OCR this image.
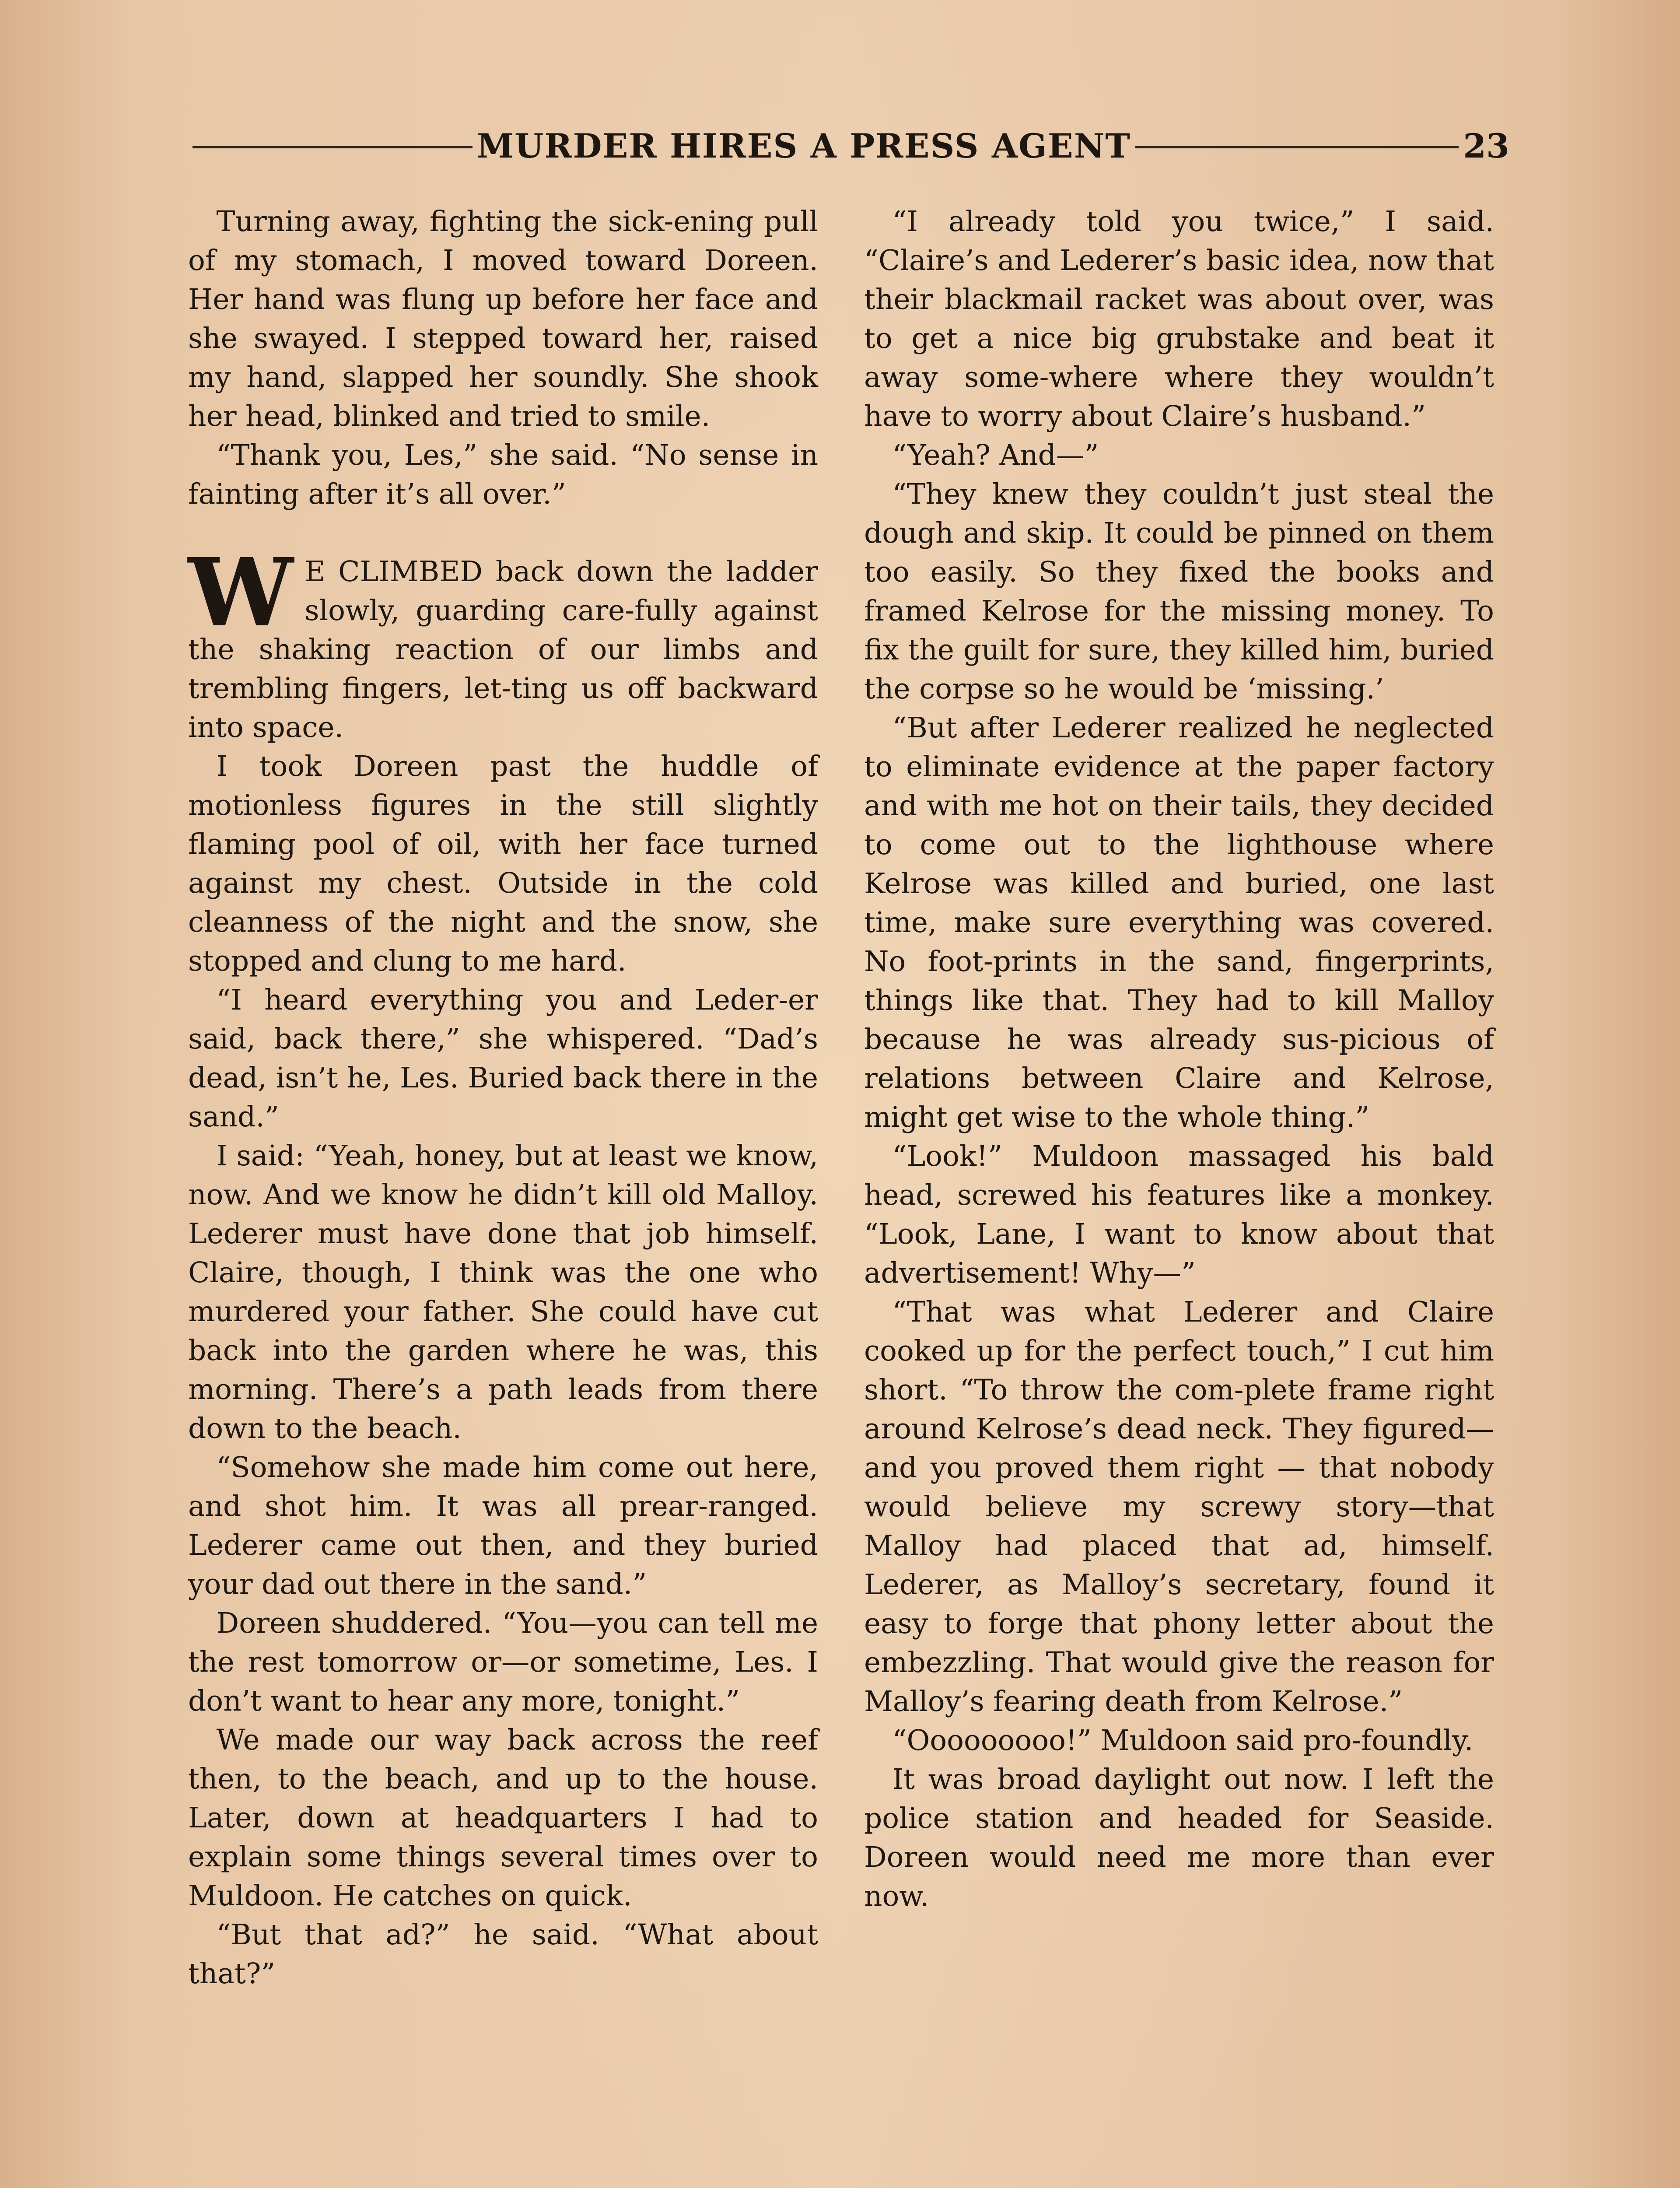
MURDER HIRES A PRESS AGENT	23

Turning away, fighting the sick-ening pull of my stomach, I moved toward Doreen. Her hand was flung up before her face and she swayed. I stepped toward her, raised my hand, slapped her soundly. She shook her head, blinked and tried to smile.

“Thank you, Les,” she said. “No sense in fainting after it’s all over.”

W E CLIMBED back down the ladder slowly, guarding care-fully against the shaking reaction of our limbs and trembling fingers, let-ting us off backward into space.

I took Doreen past the huddle of motionless figures in the still slightly flaming pool of oil, with her face turned against my chest. Outside in the cold cleanness of the night and the snow, she stopped and clung to me hard.

“I heard everything you and Leder-er said, back there,” she whispered. “Dad’s dead, isn’t he, Les. Buried back there in the sand.”

I said: “Yeah, honey, but at least we know, now. And we know he didn’t kill old Malloy. Lederer must have done that job himself. Claire, though, I think was the one who murdered your father. She could have cut back into the garden where he was, this morning. There’s a path leads from there down to the beach.

“Somehow she made him come out here, and shot him. It was all prear-ranged. Lederer came out then, and they buried your dad out there in the sand.”

Doreen shuddered. “You—you can tell me the rest tomorrow or—or sometime, Les. I don’t want to hear any more, tonight.”

We made our way back across the reef then, to the beach, and up to the house. Later, down at headquarters I had to explain some things several times over to Muldoon. He catches on quick.

“But that ad?” he said. “What about that?”

“I already told you twice,” I said. “Claire’s and Lederer’s basic idea, now that their blackmail racket was about over, was to get a nice big grubstake and beat it away some-where where they wouldn’t have to worry about Claire’s husband.”

“Yeah? And—”

“They knew they couldn’t just steal the dough and skip. It could be pinned on them too easily. So they fixed the books and framed Kelrose for the missing money. To fix the guilt for sure, they killed him, buried the corpse so he would be ‘missing.’

“But after Lederer realized he neglected to eliminate evidence at the paper factory and with me hot on their tails, they decided to come out to the lighthouse where Kelrose was killed and buried, one last time, make sure everything was covered. No foot-prints in the sand, fingerprints, things like that. They had to kill Malloy because he was already sus-picious of relations between Claire and Kelrose, might get wise to the whole thing.”

“Look!” Muldoon massaged his bald head, screwed his features like a monkey. “Look, Lane, I want to know about that advertisement! Why—”

“That was what Lederer and Claire cooked up for the perfect touch,” I cut him short. “To throw the com-plete frame right around Kelrose’s dead neck. They figured—and you proved them right — that nobody would believe my screwy story—that Malloy had placed that ad, himself. Lederer, as Malloy’s secretary, found it easy to forge that phony letter about the embezzling. That would give the reason for Malloy’s fearing death from Kelrose.”

“Ooooooooo!” Muldoon said pro-foundly.

It was broad daylight out now. I left the police station and headed for Seaside. Doreen would need me more than ever now.
